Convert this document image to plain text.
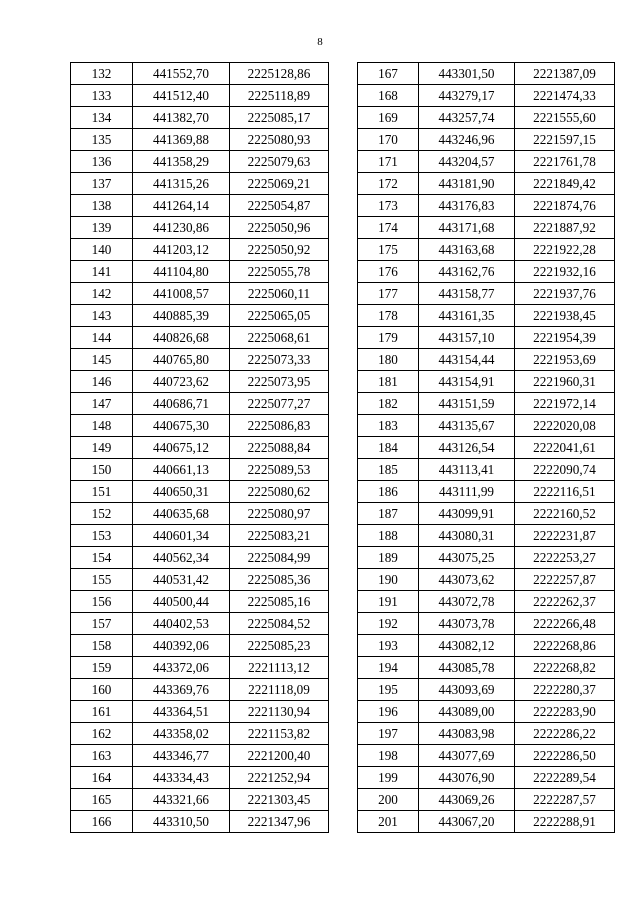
8
132	441552,70	2225128,86
133	441512,40	2225118,89
134	441382,70	2225085,17
135	441369,88	2225080,93
136	441358,29	2225079,63
137	441315,26	2225069,21
138	441264,14	2225054,87
139	441230,86	2225050,96
140	441203,12	2225050,92
141	441104,80	2225055,78
142	441008,57	2225060,11
143	440885,39	2225065,05
144	440826,68	2225068,61
145	440765,80	2225073,33
146	440723,62	2225073,95
147	440686,71	2225077,27
148	440675,30	2225086,83
149	440675,12	2225088,84
150	440661,13	2225089,53
151	440650,31	2225080,62
152	440635,68	2225080,97
153	440601,34	2225083,21
154	440562,34	2225084,99
155	440531,42	2225085,36
156	440500,44	2225085,16
157	440402,53	2225084,52
158	440392,06	2225085,23
159	443372,06	2221113,12
160	443369,76	2221118,09
161	443364,51	2221130,94
162	443358,02	2221153,82
163	443346,77	2221200,40
164	443334,43	2221252,94
165	443321,66	2221303,45
166	443310,50	2221347,96
167	443301,50	2221387,09
168	443279,17	2221474,33
169	443257,74	2221555,60
170	443246,96	2221597,15
171	443204,57	2221761,78
172	443181,90	2221849,42
173	443176,83	2221874,76
174	443171,68	2221887,92
175	443163,68	2221922,28
176	443162,76	2221932,16
177	443158,77	2221937,76
178	443161,35	2221938,45
179	443157,10	2221954,39
180	443154,44	2221953,69
181	443154,91	2221960,31
182	443151,59	2221972,14
183	443135,67	2222020,08
184	443126,54	2222041,61
185	443113,41	2222090,74
186	443111,99	2222116,51
187	443099,91	2222160,52
188	443080,31	2222231,87
189	443075,25	2222253,27
190	443073,62	2222257,87
191	443072,78	2222262,37
192	443073,78	2222266,48
193	443082,12	2222268,86
194	443085,78	2222268,82
195	443093,69	2222280,37
196	443089,00	2222283,90
197	443083,98	2222286,22
198	443077,69	2222286,50
199	443076,90	2222289,54
200	443069,26	2222287,57
201	443067,20	2222288,91
